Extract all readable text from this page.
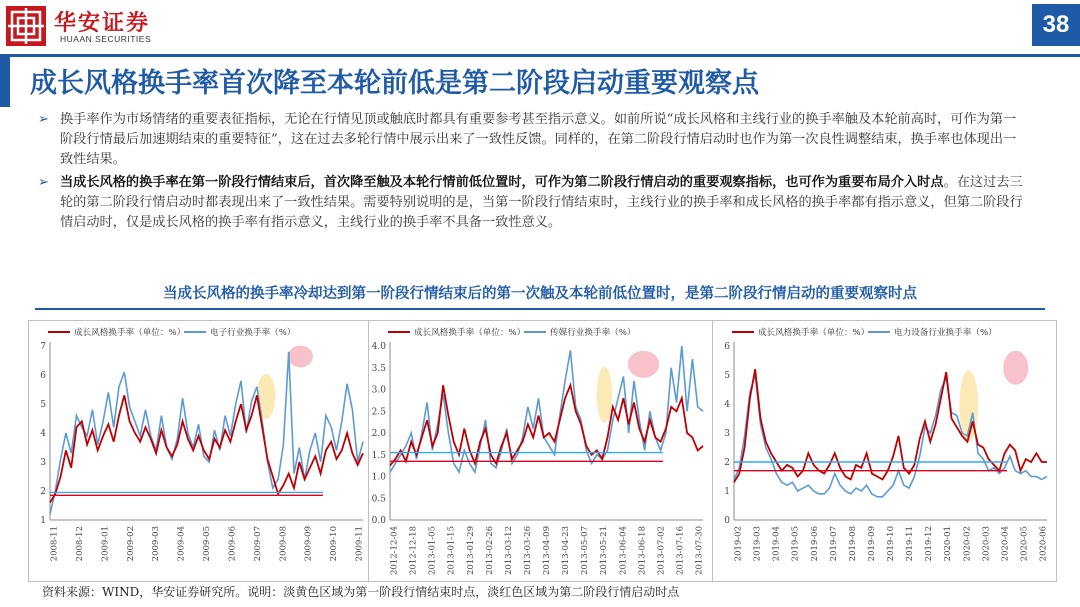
华安证券
HUAAN SECURITIES
38
成长风格换手率首次降至本轮前低是第二阶段启动重要观察点
➢ 换手率作为市场情绪的重要表征指标，无论在行情见顶或触底时都具有重要参考甚至指示意义。如前所说“成长风格和主线行业的换手率触及本轮前高时，可作为第一阶段行情最后加速期结束的重要特征”，这在过去多轮行情中展示出来了一致性反馈。同样的，在第二阶段行情启动时也作为第一次良性调整结束，换手率也体现出一致性结果。
➢ 当成长风格的换手率在第一阶段行情结束后，首次降至触及本轮行情前低位置时，可作为第二阶段行情启动的重要观察指标，也可作为重要布局介入时点。在这过去三轮的第二阶段行情启动时都表现出来了一致性结果。需要特别说明的是，当第一阶段行情结束时，主线行业的换手率和成长风格的换手率都有指示意义，但第二阶段行情启动时，仅是成长风格的换手率有指示意义，主线行业的换手率不具备一致性意义。
当成长风格的换手率冷却达到第一阶段行情结束后的第一次触及本轮前低位置时，是第二阶段行情启动的重要观察时点
1
2
3
4
5
6
7
2008-11 2008-12 2009-01 2009-02 2009-03 2009-04 2009-05 2009-06 2009-07 2009-08 2009-09 2009-10 2009-11
成长风格换手率（单位：%）	电子行业换手率（%）
0.0
0.5
1.0
1.5
2.0
2.5
3.0
3.5
4.0
2012-12-04 2012-12-18 2013-01-05 2013-01-15 2013-01-29 2013-02-26 2013-03-12 2013-03-26 2013-04-09 2013-04-23 2013-05-07 2013-05-21 2013-06-04 2013-06-18 2013-07-02 2013-07-16 2013-07-30
成长风格换手率（单位：%）	传媒行业换手率（%）
0
1
2
3
4
5
6
2019-02 2019-03 2019-04 2019-05 2019-06 2019-07 2019-08 2019-09 2019-10 2019-11 2019-12 2020-01 2020-02 2020-03 2020-04 2020-05 2020-06
成长风格换手率（单位：%）	电力设备行业换手率（%）
资料来源：WIND，华安证券研究所。说明：淡黄色区域为第一阶段行情结束时点，淡红色区域为第二阶段行情启动时点
